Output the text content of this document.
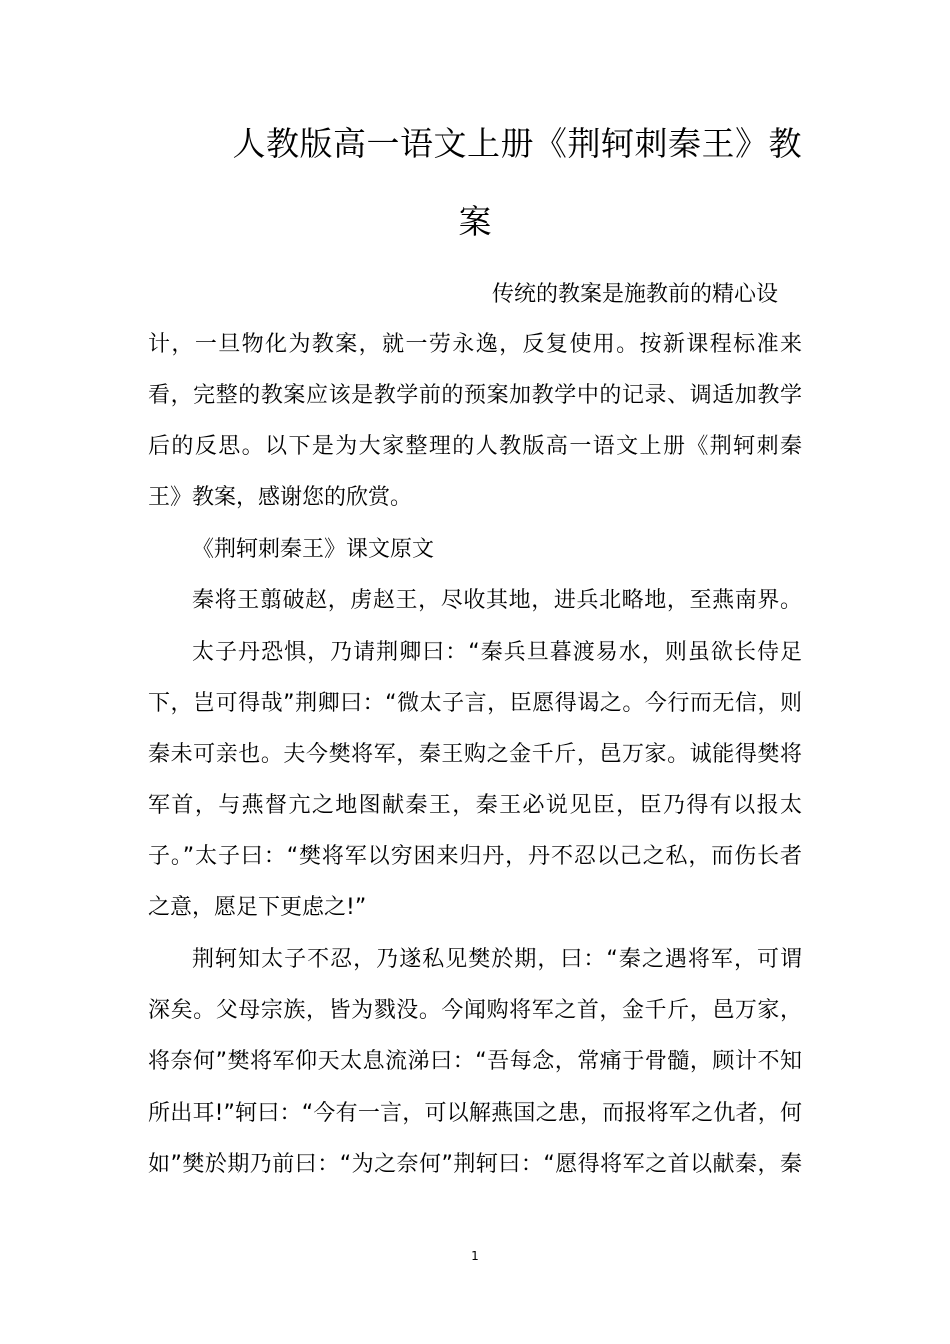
人教版高一语文上册《荆轲刺秦王》教
案

传统的教案是施教前的精心设

计，一旦物化为教案，就一劳永逸，反复使用。按新课程标准来

看，完整的教案应该是教学前的预案加教学中的记录、调适加教学

后的反思。以下是为大家整理的人教版高一语文上册《荆轲刺秦

王》教案，感谢您的欣赏。

《荆轲刺秦王》课文原文

秦将王翦破赵，虏赵王，尽收其地，进兵北略地，至燕南界。

太子丹恐惧，乃请荆卿曰：“秦兵旦暮渡易水，则虽欲长侍足

下，岂可得哉”荆卿曰：“微太子言，臣愿得谒之。今行而无信，则

秦未可亲也。夫今樊将军，秦王购之金千斤，邑万家。诚能得樊将

军首，与燕督亢之地图献秦王，秦王必说见臣，臣乃得有以报太

子。”太子曰：“樊将军以穷困来归丹，丹不忍以己之私，而伤长者

之意，愿足下更虑之!”

荆轲知太子不忍，乃遂私见樊於期，曰：“秦之遇将军，可谓

深矣。父母宗族，皆为戮没。今闻购将军之首，金千斤，邑万家，

将奈何”樊将军仰天太息流涕曰：“吾每念，常痛于骨髓，顾计不知

所出耳!”轲曰：“今有一言，可以解燕国之患，而报将军之仇者，何

如”樊於期乃前曰：“为之奈何”荆轲曰：“愿得将军之首以献秦，秦

1
